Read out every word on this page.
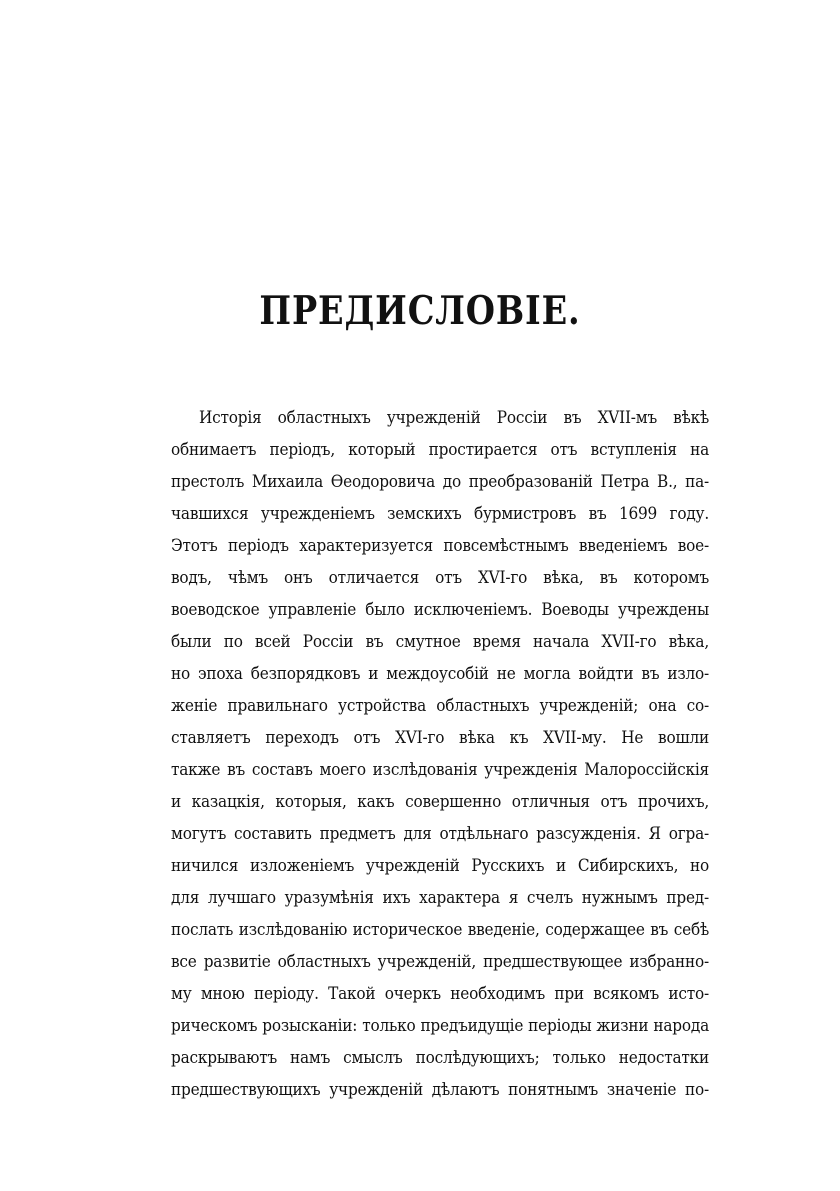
ПРЕДИСЛОВІЕ.
Исторія областныхъ учрежденій Россіи въ XVII-мъ вѣкѣ
обнимаетъ періодъ, который простирается отъ вступленія на
престолъ Михаила Ѳеодоровича до преобразованій Петра В., па-
чавшихся учрежденіемъ земскихъ бурмистровъ въ 1699 году.
Этотъ періодъ характеризуется повсемѣстнымъ введеніемъ вое-
водъ, чѣмъ онъ отличается отъ XVI-го вѣка, въ которомъ
воеводское управленіе было исключеніемъ. Воеводы учреждены
были по всей Россіи въ смутное время начала XVII-го вѣка,
но эпоха безпорядковъ и междоусобій не могла войдти въ изло-
женіе правильнаго устройства областныхъ учрежденій; она со-
ставляетъ переходъ отъ XVI-го вѣка къ XVII-му. Не вошли
также въ составъ моего изслѣдованія учрежденія Малороссійскія
и казацкія, которыя, какъ совершенно отличныя отъ прочихъ,
могутъ составить предметъ для отдѣльнаго разсужденія. Я огра-
ничился изложеніемъ учрежденій Русскихъ и Сибирскихъ, но
для лучшаго уразумѣнія ихъ характера я счелъ нужнымъ пред-
послать изслѣдованію историческое введеніе, содержащее въ себѣ
все развитіе областныхъ учрежденій, предшествующее избранно-
му мною періоду. Такой очеркъ необходимъ при всякомъ исто-
рическомъ розысканіи: только предъидущіе періоды жизни народа
раскрываютъ намъ смыслъ послѣдующихъ; только недостатки
предшествующихъ учрежденій дѣлаютъ понятнымъ значеніе по-
